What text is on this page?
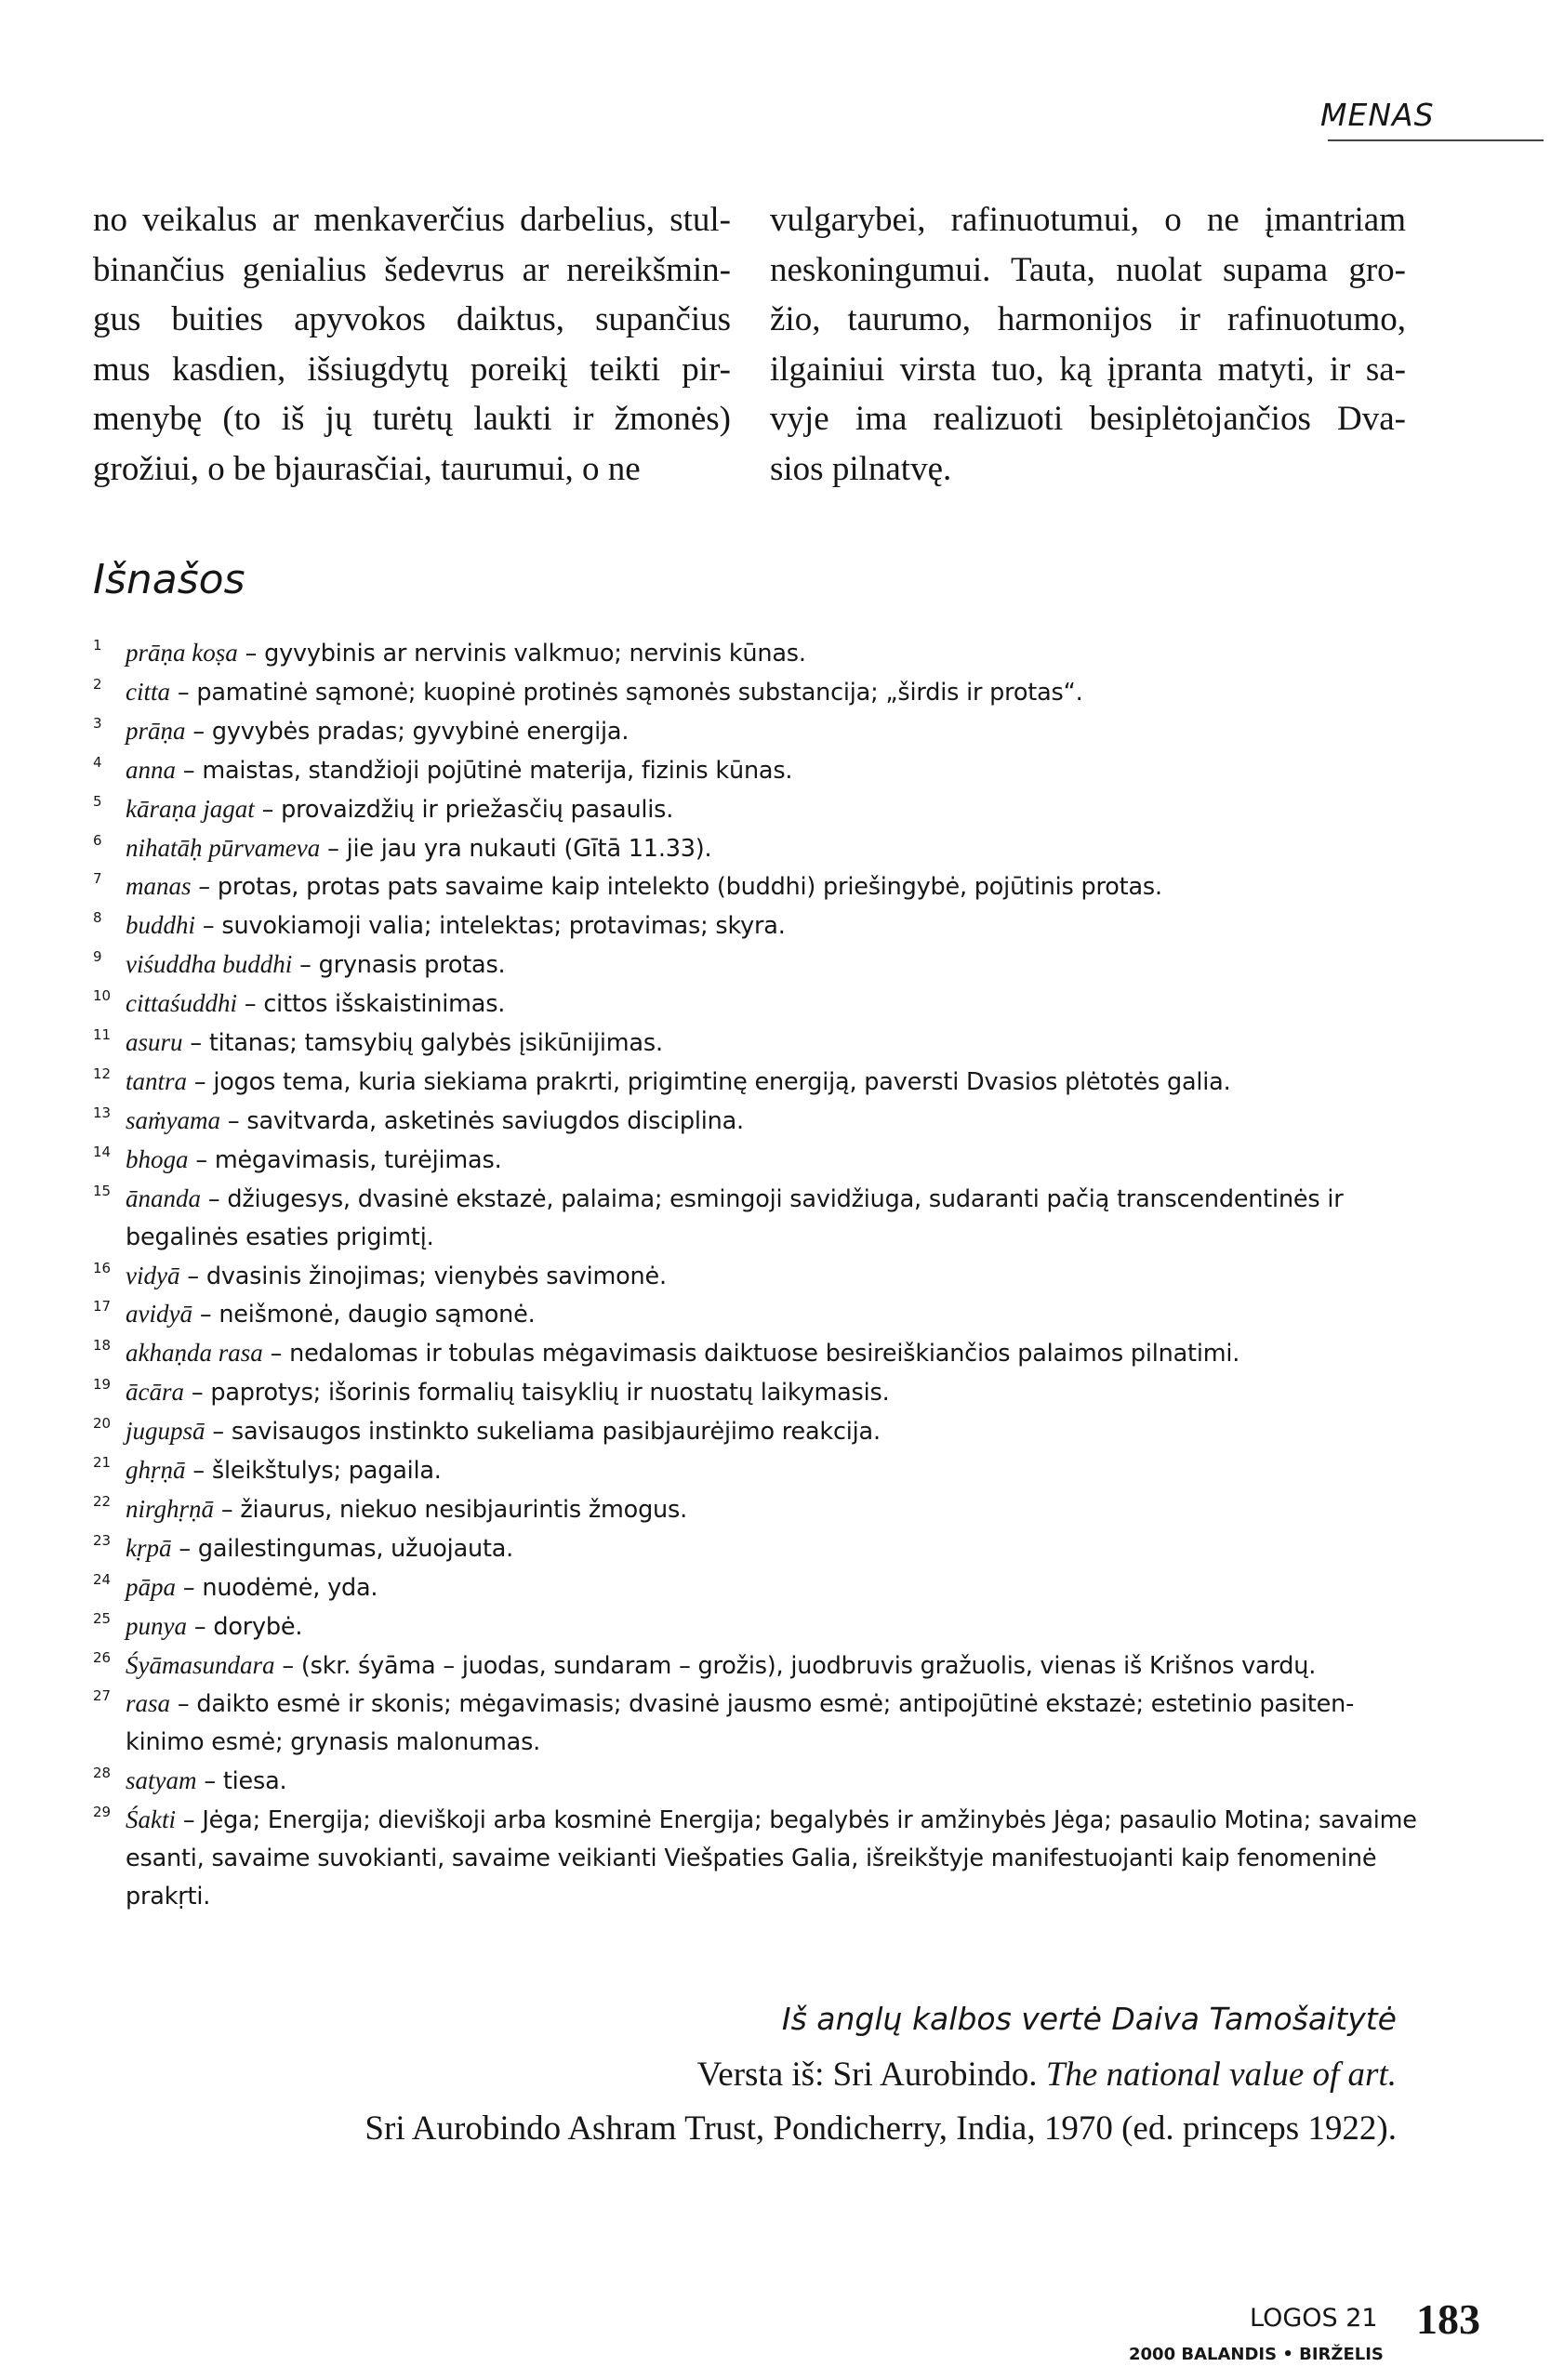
MENAS
no veikalus ar menkaverčius darbelius, stul-
binančius genialius šedevrus ar nereikšmin-
gus buities apyvokos daiktus, supančius
mus kasdien, išsiugdytų poreikį teikti pir-
menybę (to iš jų turėtų laukti ir žmonės)
grožiui, o be bjaurasčiai, taurumui, o ne
vulgarybei, rafinuotumui, o ne įmantriam
neskoningumui. Tauta, nuolat supama gro-
žio, taurumo, harmonijos ir rafinuotumo,
ilgainiui virsta tuo, ką įpranta matyti, ir sa-
vyje ima realizuoti besiplėtojančios Dva-
sios pilnatvę.
Išnašos
1 prāṇa koṣa – gyvybinis ar nervinis valkmuo; nervinis kūnas.
2 citta – pamatinė sąmonė; kuopinė protinės sąmonės substancija; „širdis ir protas“.
3 prāṇa – gyvybės pradas; gyvybinė energija.
4 anna – maistas, standžioji pojūtinė materija, fizinis kūnas.
5 kāraṇa jagat – provaizdžių ir priežasčių pasaulis.
6 nihatāḥ pūrvameva – jie jau yra nukauti (Gītā 11.33).
7 manas – protas, protas pats savaime kaip intelekto (buddhi) priešingybė, pojūtinis protas.
8 buddhi – suvokiamoji valia; intelektas; protavimas; skyra.
9 viśuddha buddhi – grynasis protas.
10 cittaśuddhi – cittos išskaistinimas.
11 asuru – titanas; tamsybių galybės įsikūnijimas.
12 tantra – jogos tema, kuria siekiama prakrti, prigimtinę energiją, paversti Dvasios plėtotės galia.
13 saṁyama – savitvarda, asketinės saviugdos disciplina.
14 bhoga – mėgavimasis, turėjimas.
15 ānanda – džiugesys, dvasinė ekstazė, palaima; esmingoji savidžiuga, sudaranti pačią transcendentinės ir begalinės esaties prigimtį.
16 vidyā – dvasinis žinojimas; vienybės savimonė.
17 avidyā – neišmonė, daugio sąmonė.
18 akhaṇda rasa – nedalomas ir tobulas mėgavimasis daiktuose besireiškiančios palaimos pilnatimi.
19 ācāra – paprotys; išorinis formalių taisyklių ir nuostatų laikymasis.
20 jugupsā – savisaugos instinkto sukeliama pasibjaurėjimo reakcija.
21 ghṛṇā – šleikštulys; pagaila.
22 nirghṛṇā – žiaurus, niekuo nesibjaurintis žmogus.
23 kṛpā – gailestingumas, užuojauta.
24 pāpa – nuodėmė, yda.
25 punya – dorybė.
26 Śyāmasundara – (skr. śyāma – juodas, sundaram – grožis), juodbruvis gražuolis, vienas iš Krišnos vardų.
27 rasa – daikto esmė ir skonis; mėgavimasis; dvasinė jausmo esmė; antipojūtinė ekstazė; estetinio pasiten-kinimo esmė; grynasis malonumas.
28 satyam – tiesa.
29 Śakti – Jėga; Energija; dieviškoji arba kosminė Energija; begalybės ir amžinybės Jėga; pasaulio Motina; savaime esanti, savaime suvokianti, savaime veikianti Viešpaties Galia, išreikštyje manifestuojanti kaip fenomeninė prakṛti.

Iš anglų kalbos vertė Daiva Tamošaitytė

Versta iš: Sri Aurobindo. The national value of art.

Sri Aurobindo Ashram Trust, Pondicherry, India, 1970 (ed. princeps 1922).

LOGOS 21
2000 BALANDIS • BIRŽELIS
183
